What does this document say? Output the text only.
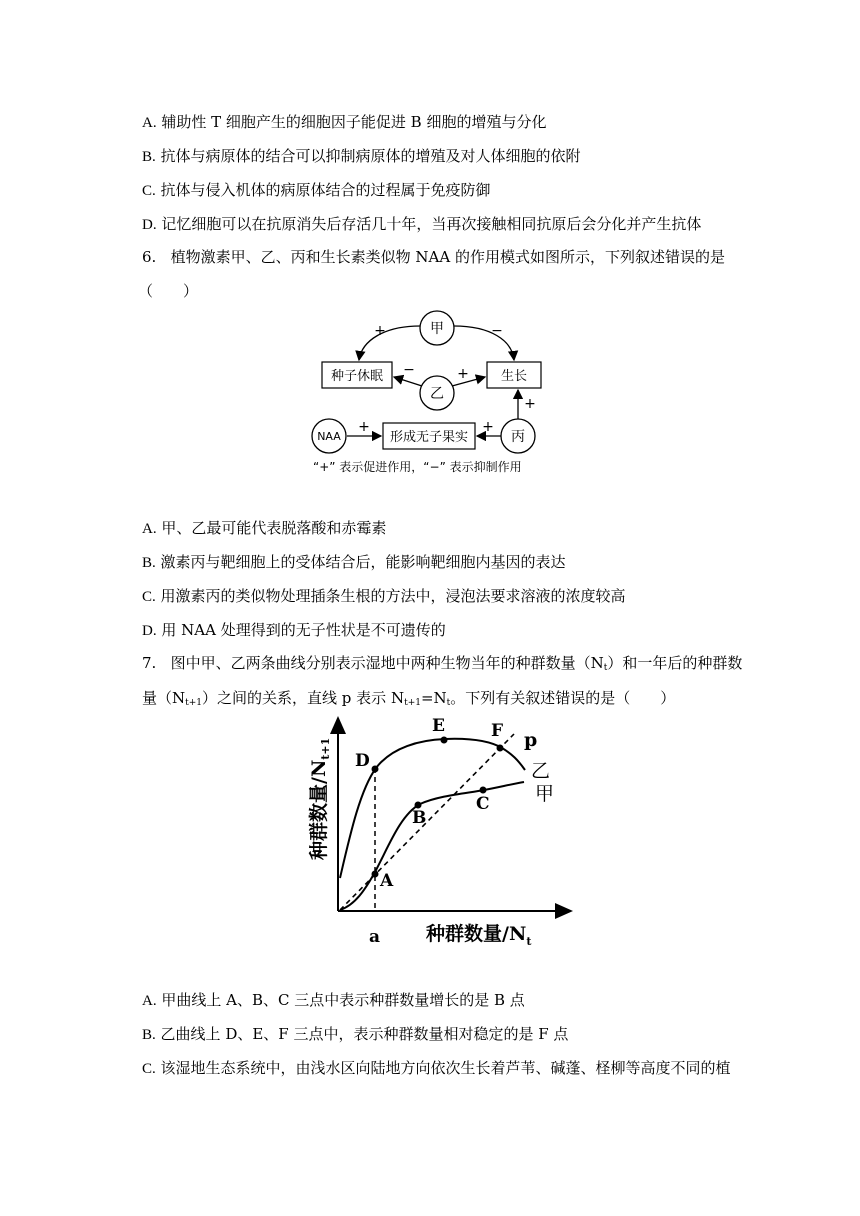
A. 辅助性 T 细胞产生的细胞因子能促进 B 细胞的增殖与分化
B. 抗体与病原体的结合可以抑制病原体的增殖及对人体细胞的依附
C. 抗体与侵入机体的病原体结合的过程属于免疫防御
D. 记忆细胞可以在抗原消失后存活几十年，当再次接触相同抗原后会分化并产生抗体
6. 植物激素甲、乙、丙和生长素类似物 NAA 的作用模式如图所示，下列叙述错误的是
（　　）
甲
+	−
种子休眠	生长
乙
−	+
NAA
+
形成无子果实	丙
+
+
“+” 表示促进作用，“−” 表示抑制作用
A. 甲、乙最可能代表脱落酸和赤霉素
B. 激素丙与靶细胞上的受体结合后，能影响靶细胞内基因的表达
C. 用激素丙的类似物处理插条生根的方法中，浸泡法要求溶液的浓度较高
D. 用 NAA 处理得到的无子性状是不可遗传的
7. 图中甲、乙两条曲线分别表示湿地中两种生物当年的种群数量$(N_t)$和一年后的种群数
量$(N_{t+1})$之间的关系，直线 p 表示 $N_{t+1}=N_t$。下列有关叙述错误的是（　　）
种群数量$/N_{t+1}$
种群数量$/N_t$
a
p
乙
甲
A
B
C
D
E	F
A. 甲曲线上 A、B、C 三点中表示种群数量增长的是 B 点
B. 乙曲线上 D、E、F 三点中，表示种群数量相对稳定的是 F 点
C. 该湿地生态系统中，由浅水区向陆地方向依次生长着芦苇、碱蓬、柽柳等高度不同的植
